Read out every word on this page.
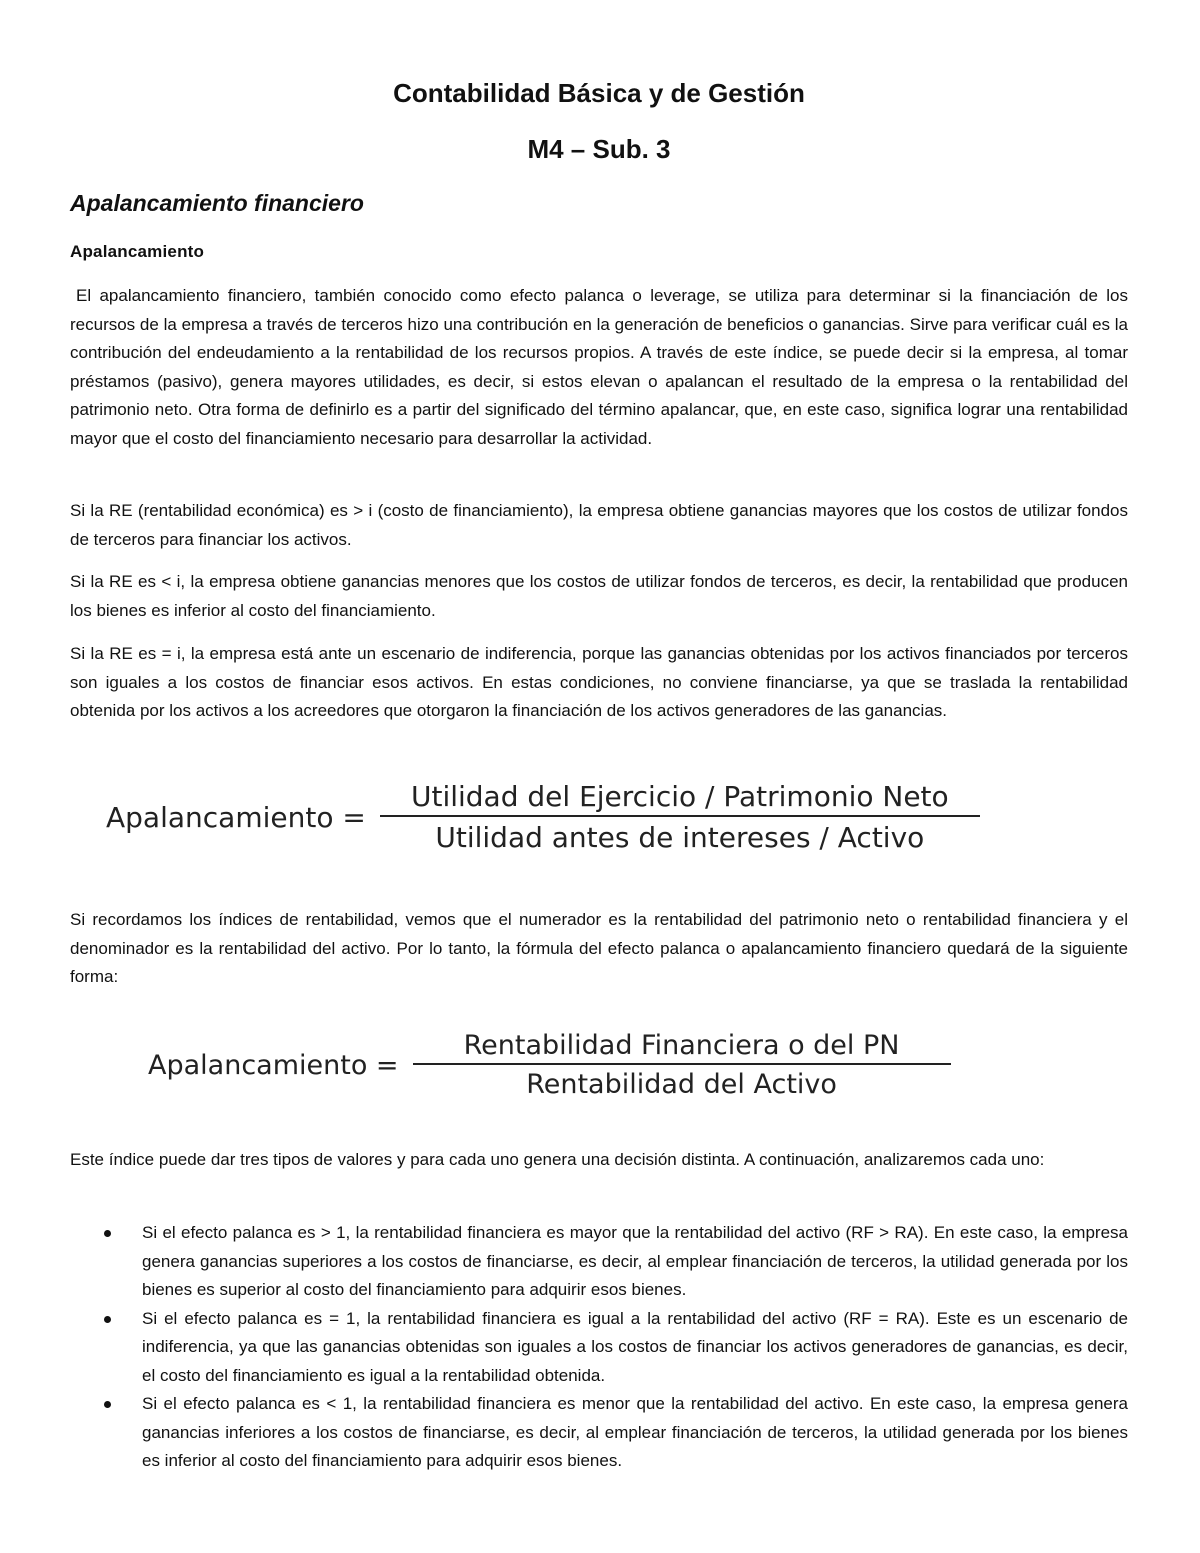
Contabilidad Básica y de Gestión
M4 – Sub. 3
Apalancamiento financiero
Apalancamiento

El apalancamiento financiero, también conocido como efecto palanca o leverage, se utiliza para determinar si la financiación de los recursos de la empresa a través de terceros hizo una contribución en la generación de beneficios o ganancias. Sirve para verificar cuál es la contribución del endeudamiento a la rentabilidad de los recursos propios. A través de este índice, se puede decir si la empresa, al tomar préstamos (pasivo), genera mayores utilidades, es decir, si estos elevan o apalancan el resultado de la empresa o la rentabilidad del patrimonio neto. Otra forma de definirlo es a partir del significado del término apalancar, que, en este caso, significa lograr una rentabilidad mayor que el costo del financiamiento necesario para desarrollar la actividad.

Si la RE (rentabilidad económica) es > i (costo de financiamiento), la empresa obtiene ganancias mayores que los costos de utilizar fondos de terceros para financiar los activos.

Si la RE es < i, la empresa obtiene ganancias menores que los costos de utilizar fondos de terceros, es decir, la rentabilidad que producen los bienes es inferior al costo del financiamiento.

Si la RE es = i, la empresa está ante un escenario de indiferencia, porque las ganancias obtenidas por los activos financiados por terceros son iguales a los costos de financiar esos activos. En estas condiciones, no conviene financiarse, ya que se traslada la rentabilidad obtenida por los activos a los acreedores que otorgaron la financiación de los activos generadores de las ganancias.

Apalancamiento = $\frac{\text{Utilidad del Ejercicio / Patrimonio Neto}}{\text{Utilidad antes de intereses / Activo}}$

Si recordamos los índices de rentabilidad, vemos que el numerador es la rentabilidad del patrimonio neto o rentabilidad financiera y el denominador es la rentabilidad del activo. Por lo tanto, la fórmula del efecto palanca o apalancamiento financiero quedará de la siguiente forma:

Apalancamiento = $\frac{\text{Rentabilidad Financiera o del PN}}{\text{Rentabilidad del Activo}}$

Este índice puede dar tres tipos de valores y para cada uno genera una decisión distinta. A continuación, analizaremos cada uno:

Si el efecto palanca es > 1, la rentabilidad financiera es mayor que la rentabilidad del activo (RF > RA). En este caso, la empresa genera ganancias superiores a los costos de financiarse, es decir, al emplear financiación de terceros, la utilidad generada por los bienes es superior al costo del financiamiento para adquirir esos bienes.
Si el efecto palanca es = 1, la rentabilidad financiera es igual a la rentabilidad del activo (RF = RA). Este es un escenario de indiferencia, ya que las ganancias obtenidas son iguales a los costos de financiar los activos generadores de ganancias, es decir, el costo del financiamiento es igual a la rentabilidad obtenida.
Si el efecto palanca es < 1, la rentabilidad financiera es menor que la rentabilidad del activo. En este caso, la empresa genera ganancias inferiores a los costos de financiarse, es decir, al emplear financiación de terceros, la utilidad generada por los bienes es inferior al costo del financiamiento para adquirir esos bienes.
